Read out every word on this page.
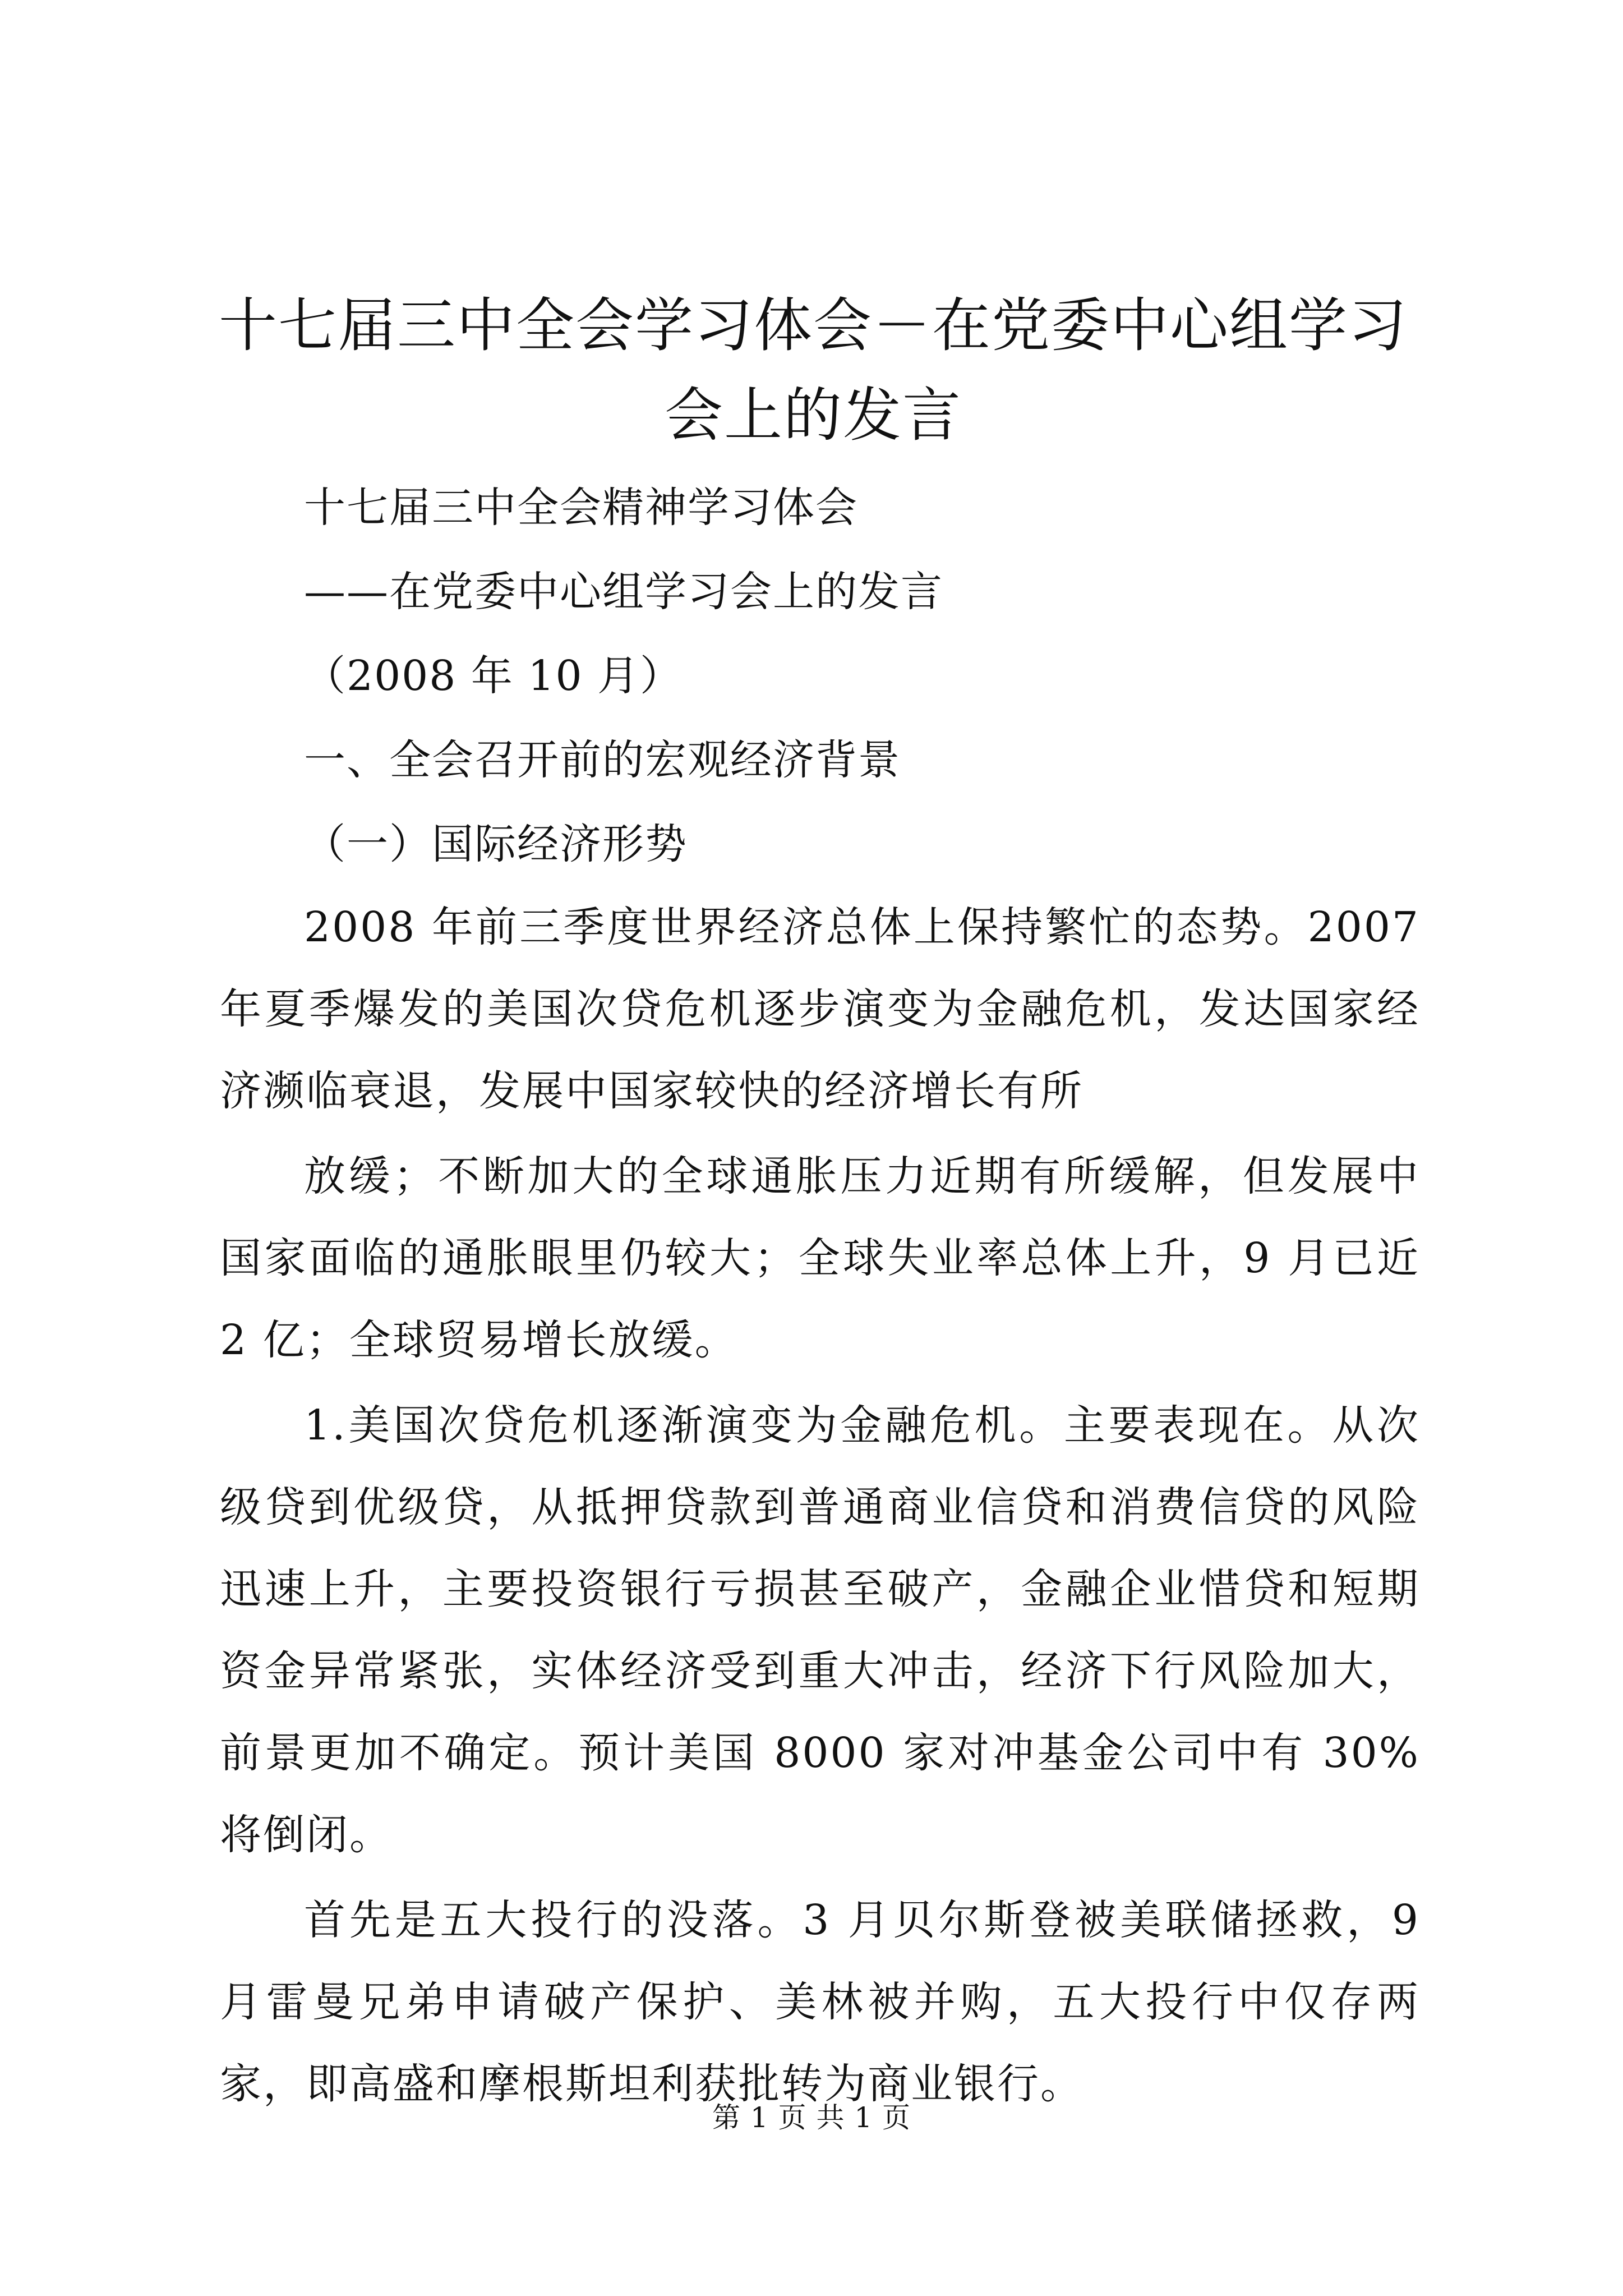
十七届三中全会学习体会－在党委中心组学习会上的发言

十七届三中全会精神学习体会

——在党委中心组学习会上的发言

（2008 年 10 月）

一、全会召开前的宏观经济背景

（一）国际经济形势

2008 年前三季度世界经济总体上保持繁忙的态势。2007 年夏季爆发的美国次贷危机逐步演变为金融危机，发达国家经济濒临衰退，发展中国家较快的经济增长有所

放缓；不断加大的全球通胀压力近期有所缓解，但发展中国家面临的通胀眼里仍较大；全球失业率总体上升，9 月已近 2 亿；全球贸易增长放缓。

1.美国次贷危机逐渐演变为金融危机。主要表现在。从次级贷到优级贷，从抵押贷款到普通商业信贷和消费信贷的风险迅速上升，主要投资银行亏损甚至破产，金融企业惜贷和短期资金异常紧张，实体经济受到重大冲击，经济下行风险加大，前景更加不确定。预计美国 8000 家对冲基金公司中有 30%将倒闭。

首先是五大投行的没落。3 月贝尔斯登被美联储拯救，9 月雷曼兄弟申请破产保护、美林被并购，五大投行中仅存两家，即高盛和摩根斯坦利获批转为商业银行。

第 1 页 共 1 页
